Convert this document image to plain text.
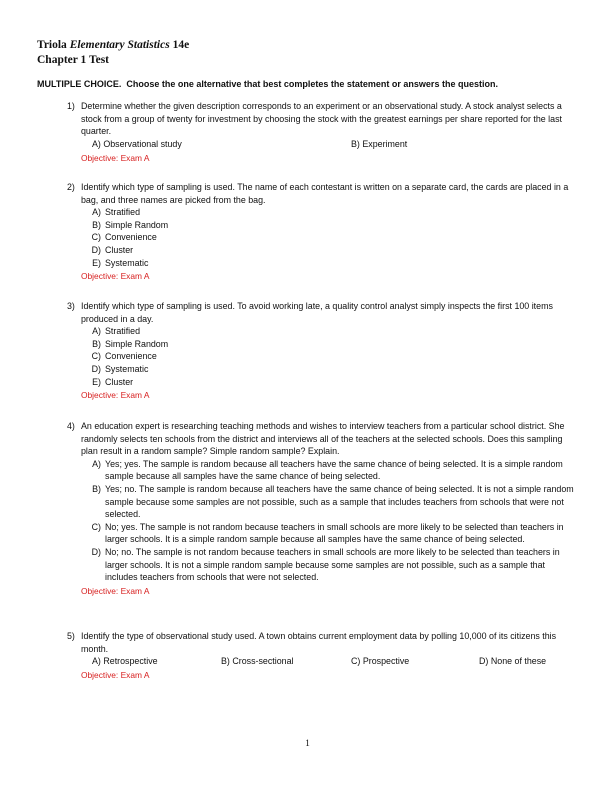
Triola Elementary Statistics 14e
Chapter 1 Test
MULTIPLE CHOICE. Choose the one alternative that best completes the statement or answers the question.
1) Determine whether the given description corresponds to an experiment or an observational study. A stock analyst selects a stock from a group of twenty for investment by choosing the stock with the greatest earnings per share reported for the last quarter.
A) Observational study	B) Experiment
Objective: Exam A
2) Identify which type of sampling is used. The name of each contestant is written on a separate card, the cards are placed in a bag, and three names are picked from the bag.
A) Stratified
B) Simple Random
C) Convenience
D) Cluster
E) Systematic
Objective: Exam A
3) Identify which type of sampling is used. To avoid working late, a quality control analyst simply inspects the first 100 items produced in a day.
A) Stratified
B) Simple Random
C) Convenience
D) Systematic
E) Cluster
Objective: Exam A
4) An education expert is researching teaching methods and wishes to interview teachers from a particular school district. She randomly selects ten schools from the district and interviews all of the teachers at the selected schools. Does this sampling plan result in a random sample? Simple random sample? Explain.
A) Yes; yes. The sample is random because all teachers have the same chance of being selected. It is a simple random sample because all samples have the same chance of being selected.
B) Yes; no. The sample is random because all teachers have the same chance of being selected. It is not a simple random sample because some samples are not possible, such as a sample that includes teachers from schools that were not selected.
C) No; yes. The sample is not random because teachers in small schools are more likely to be selected than teachers in larger schools. It is a simple random sample because all samples have the same chance of being selected.
D) No; no. The sample is not random because teachers in small schools are more likely to be selected than teachers in larger schools. It is not a simple random sample because some samples are not possible, such as a sample that includes teachers from schools that were not selected.
Objective: Exam A
5) Identify the type of observational study used. A town obtains current employment data by polling 10,000 of its citizens this month.
A) Retrospective	B) Cross-sectional	C) Prospective	D) None of these
Objective: Exam A
1
